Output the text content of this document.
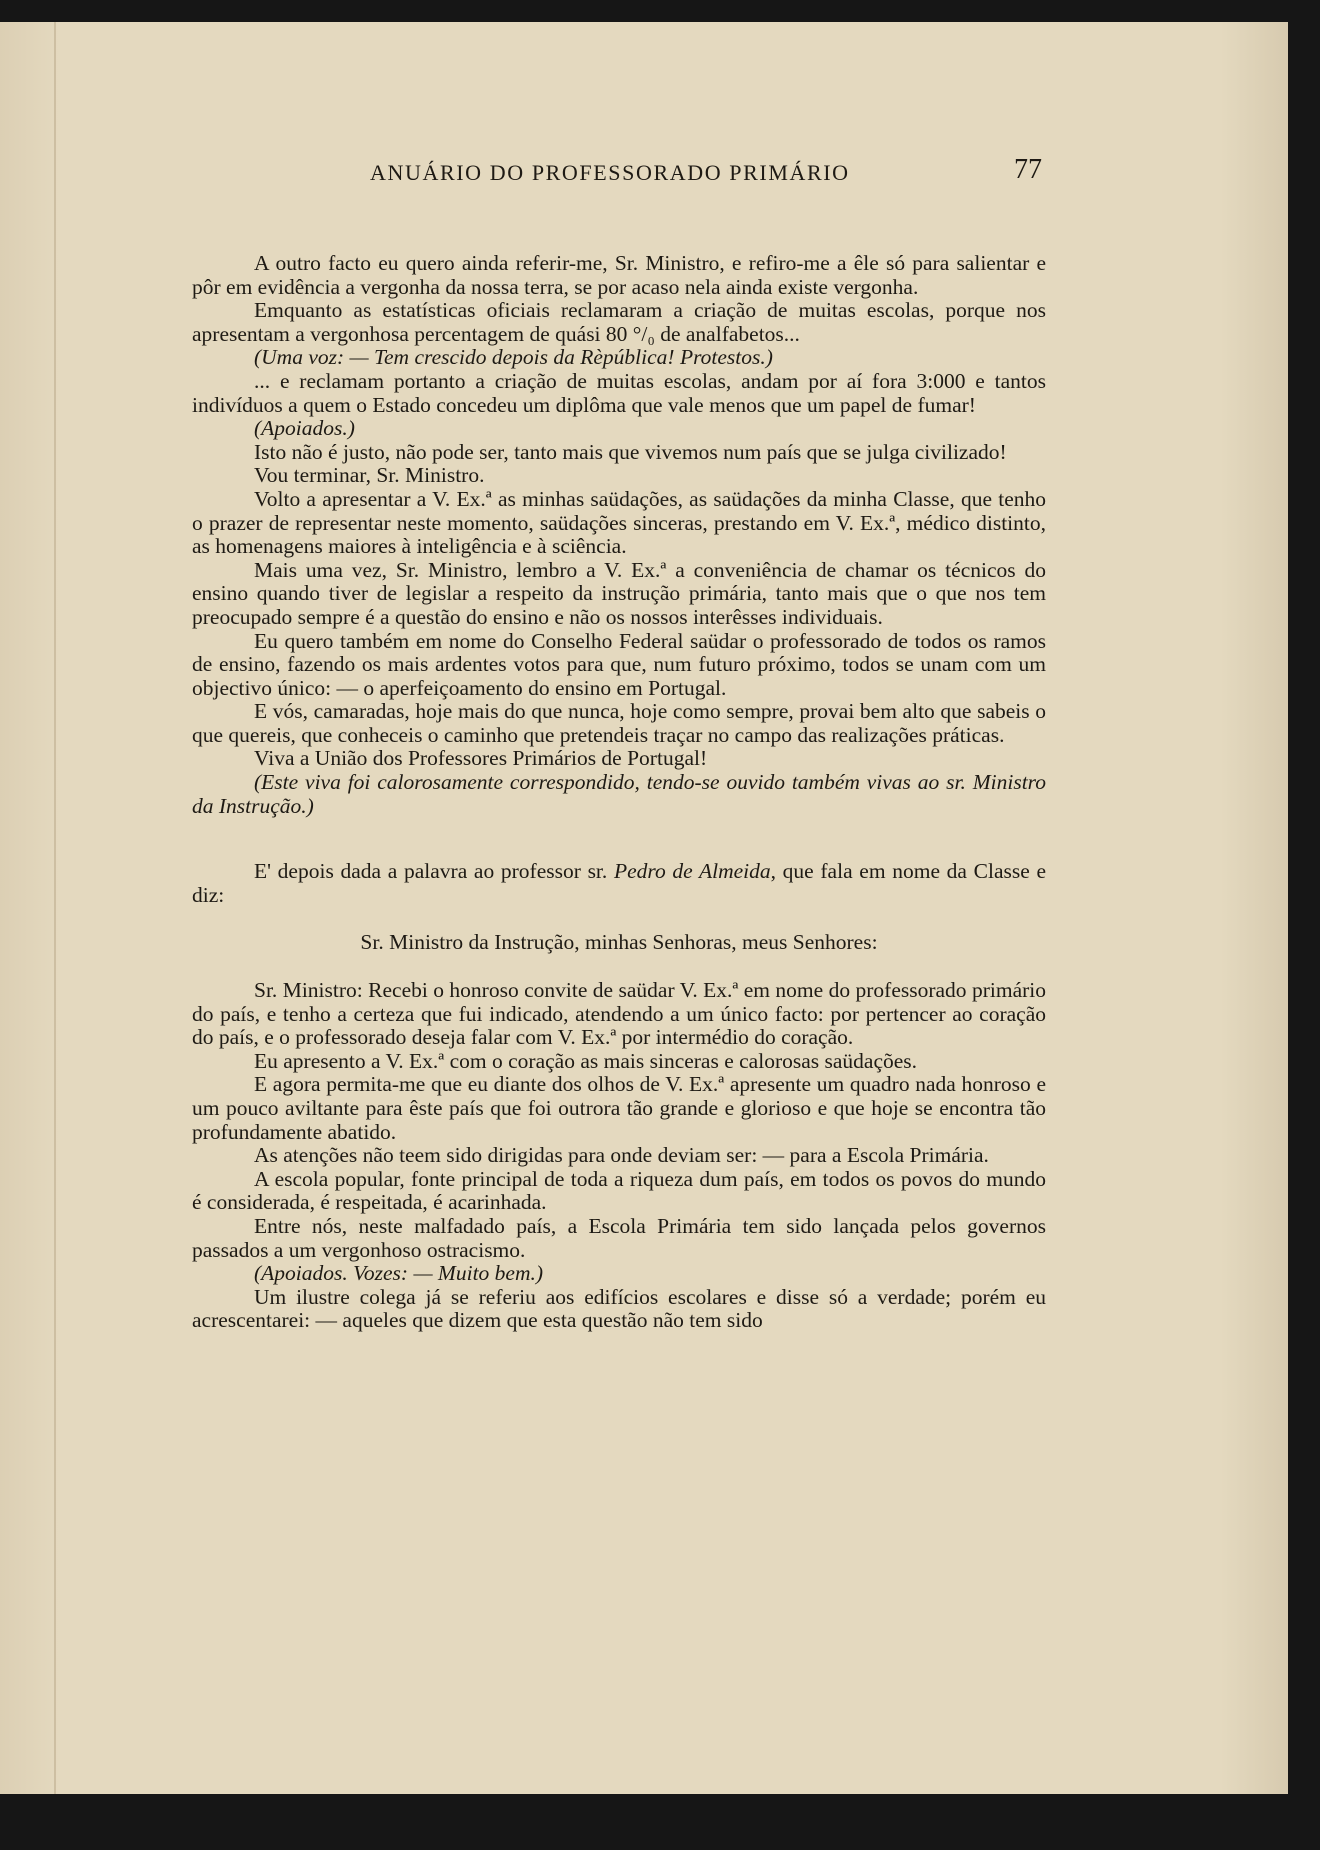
ANUÁRIO DO PROFESSORADO PRIMÁRIO	77

A outro facto eu quero ainda referir-me, Sr. Ministro, e refiro-me a êle só para salientar e pôr em evidência a vergonha da nossa terra, se por acaso nela ainda existe vergonha.

Emquanto as estatísticas oficiais reclamaram a criação de muitas escolas, porque nos apresentam a vergonhosa percentagem de quási 80 °/₀ de analfabetos...

(Uma voz: — Tem crescido depois da Rèpública! Protestos.)

... e reclamam portanto a criação de muitas escolas, andam por aí fora 3:000 e tantos indivíduos a quem o Estado concedeu um diplôma que vale menos que um papel de fumar!

(Apoiados.)

Isto não é justo, não pode ser, tanto mais que vivemos num país que se julga civilizado!

Vou terminar, Sr. Ministro.

Volto a apresentar a V. Ex.ª as minhas saüdações, as saüdações da minha Classe, que tenho o prazer de representar neste momento, saüdações sinceras, prestando em V. Ex.ª, médico distinto, as homenagens maiores à inteligência e à sciência.

Mais uma vez, Sr. Ministro, lembro a V. Ex.ª a conveniência de chamar os técnicos do ensino quando tiver de legislar a respeito da instrução primária, tanto mais que o que nos tem preocupado sempre é a questão do ensino e não os nossos interêsses individuais.

Eu quero também em nome do Conselho Federal saüdar o professorado de todos os ramos de ensino, fazendo os mais ardentes votos para que, num futuro próximo, todos se unam com um objectivo único: — o aperfeiçoamento do ensino em Portugal.

E vós, camaradas, hoje mais do que nunca, hoje como sempre, provai bem alto que sabeis o que quereis, que conheceis o caminho que pretendeis traçar no campo das realizações práticas.

Viva a União dos Professores Primários de Portugal!

(Este viva foi calorosamente correspondido, tendo-se ouvido também vivas ao sr. Ministro da Instrução.)

E' depois dada a palavra ao professor sr. Pedro de Almeida, que fala em nome da Classe e diz:

Sr. Ministro da Instrução, minhas Senhoras, meus Senhores:

Sr. Ministro: Recebi o honroso convite de saüdar V. Ex.ª em nome do professorado primário do país, e tenho a certeza que fui indicado, atendendo a um único facto: por pertencer ao coração do país, e o professorado deseja falar com V. Ex.ª por intermédio do coração.

Eu apresento a V. Ex.ª com o coração as mais sinceras e calorosas saüdações.

E agora permita-me que eu diante dos olhos de V. Ex.ª apresente um quadro nada honroso e um pouco aviltante para êste país que foi outrora tão grande e glorioso e que hoje se encontra tão profundamente abatido.

As atenções não teem sido dirigidas para onde deviam ser: — para a Escola Primária.

A escola popular, fonte principal de toda a riqueza dum país, em todos os povos do mundo é considerada, é respeitada, é acarinhada.

Entre nós, neste malfadado país, a Escola Primária tem sido lançada pelos governos passados a um vergonhoso ostracismo.

(Apoiados. Vozes: — Muito bem.)

Um ilustre colega já se referiu aos edifícios escolares e disse só a verdade; porém eu acrescentarei: — aqueles que dizem que esta questão não tem sido
